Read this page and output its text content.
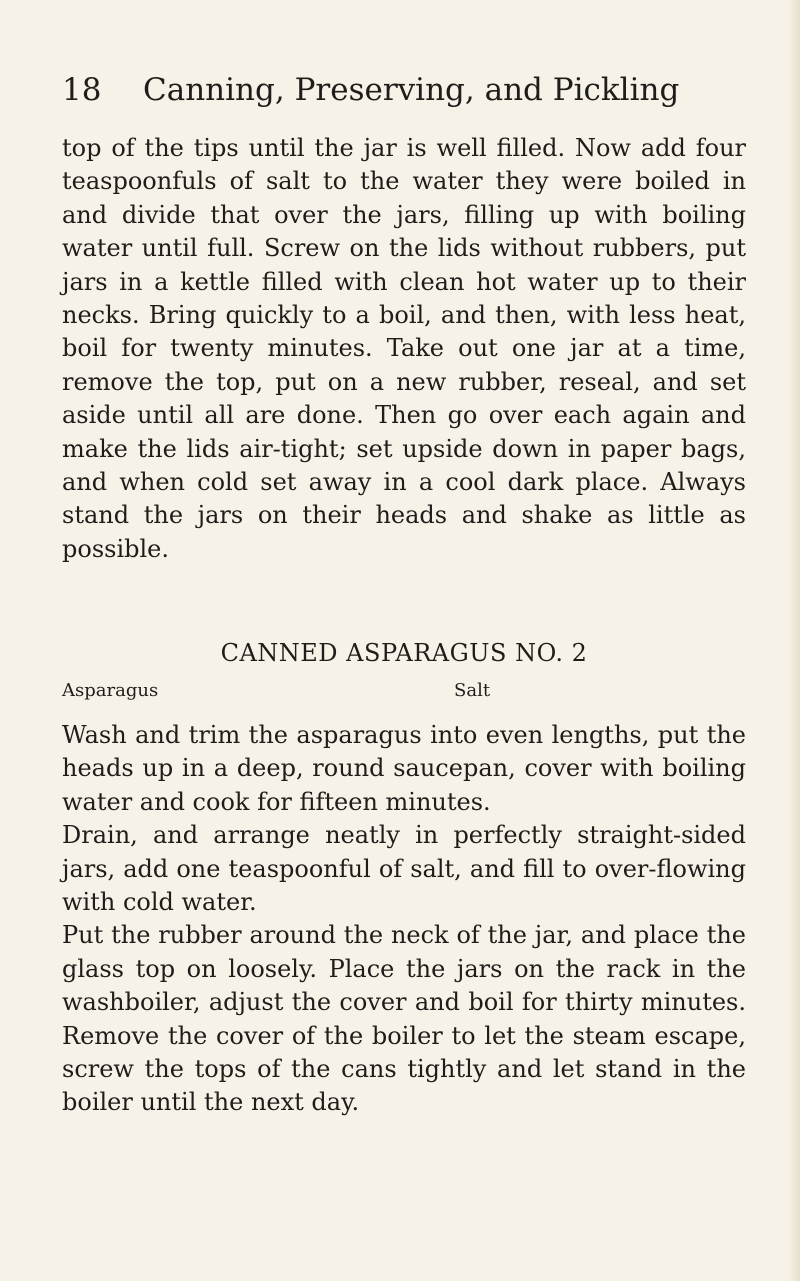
18 Canning, Preserving, and Pickling

top of the tips until the jar is well filled. Now add four teaspoonfuls of salt to the water they were boiled in and divide that over the jars, filling up with boiling water until full. Screw on the lids without rubbers, put jars in a kettle filled with clean hot water up to their necks. Bring quickly to a boil, and then, with less heat, boil for twenty minutes. Take out one jar at a time, remove the top, put on a new rubber, reseal, and set aside until all are done. Then go over each again and make the lids air-tight; set upside down in paper bags, and when cold set away in a cool dark place. Always stand the jars on their heads and shake as little as possible.

CANNED ASPARAGUS NO. 2
Asparagus	Salt

Wash and trim the asparagus into even lengths, put the heads up in a deep, round saucepan, cover with boiling water and cook for fifteen minutes.

Drain, and arrange neatly in perfectly straight-sided jars, add one teaspoonful of salt, and fill to over-flowing with cold water.

Put the rubber around the neck of the jar, and place the glass top on loosely. Place the jars on the rack in the washboiler, adjust the cover and boil for thirty minutes. Remove the cover of the boiler to let the steam escape, screw the tops of the cans tightly and let stand in the boiler until the next day.
